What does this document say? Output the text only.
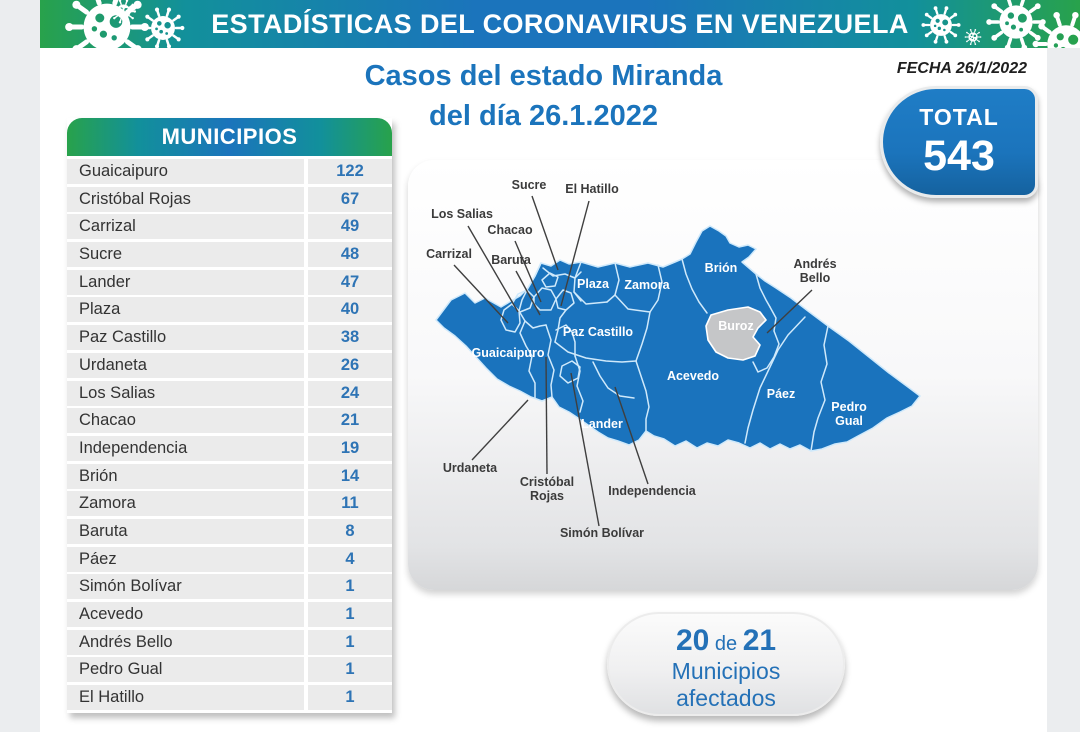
Casos del estado Miranda
del día 26.1.2022
FECHA 26/1/2022
MUNICIPIOS
Guaicaipuro	122
Cristóbal Rojas	67
Carrizal	49
Sucre	48
Lander	47
Plaza	40
Paz Castillo	38
Urdaneta	26
Los Salias	24
Chacao	21
Independencia	19
Brión	14
Zamora	11
Baruta	8
Páez	4
Simón Bolívar	1
Acevedo	1
Andrés Bello	1
Pedro Gual	1
El Hatillo	1
Sucre El Hatillo
Los Salias
Chacao
Carrizal Baruta	Andrés
Bello
Urdaneta
Cristóbal
Rojas
Simón Bolívar
Independencia
Plaza Zamora
Brión
Buroz
Paz Castillo
Guaicaipuro
Acevedo
Páez
Pedro
Gual
Lander
TOTAL
543
20 de 21
Municipios
afectados
ESTADÍSTICAS DEL CORONAVIRUS EN VENEZUELA
